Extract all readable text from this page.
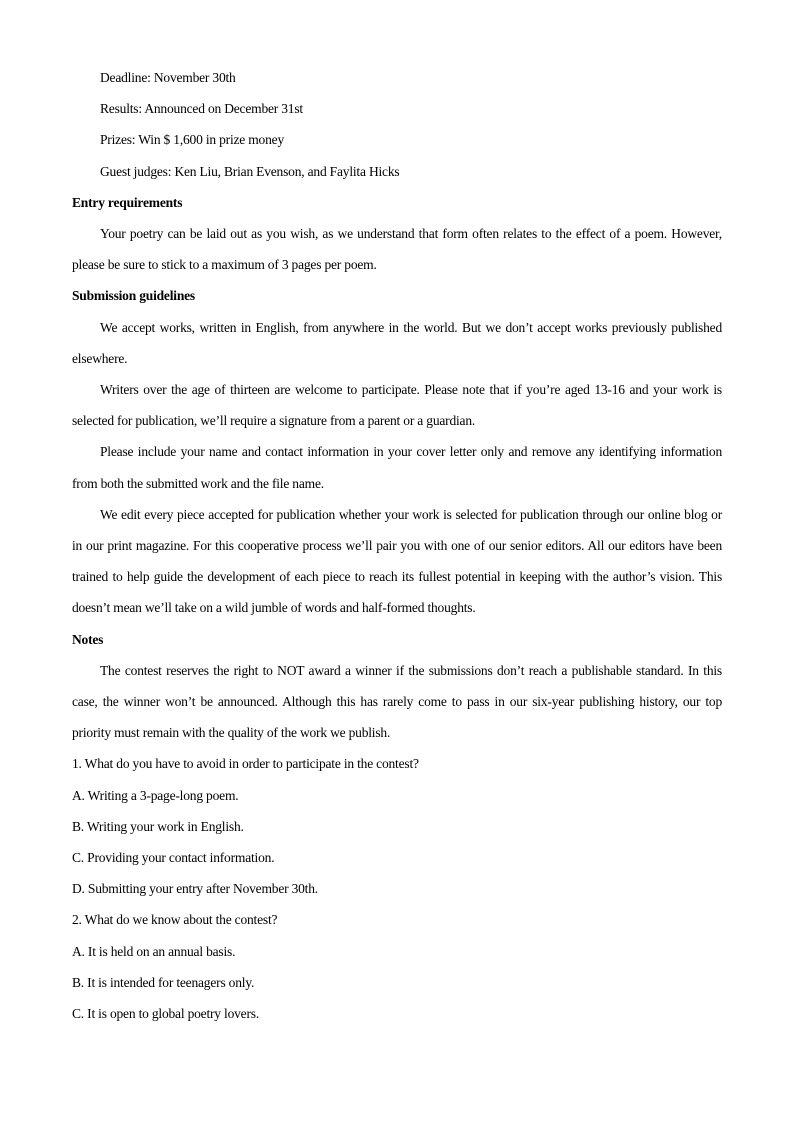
Deadline: November 30th

Results: Announced on December 31st

Prizes: Win $ 1,600 in prize money

Guest judges: Ken Liu, Brian Evenson, and Faylita Hicks

Entry requirements

Your poetry can be laid out as you wish, as we understand that form often relates to the effect of a poem. However, please be sure to stick to a maximum of 3 pages per poem.

Submission guidelines

We accept works, written in English, from anywhere in the world. But we don’t accept works previously published elsewhere.

Writers over the age of thirteen are welcome to participate. Please note that if you’re aged 13-16 and your work is selected for publication, we’ll require a signature from a parent or a guardian.

Please include your name and contact information in your cover letter only and remove any identifying information from both the submitted work and the file name.

We edit every piece accepted for publication whether your work is selected for publication through our online blog or in our print magazine. For this cooperative process we’ll pair you with one of our senior editors. All our editors have been trained to help guide the development of each piece to reach its fullest potential in keeping with the author’s vision. This doesn’t mean we’ll take on a wild jumble of words and half-formed thoughts.

Notes

The contest reserves the right to NOT award a winner if the submissions don’t reach a publishable standard. In this case, the winner won’t be announced. Although this has rarely come to pass in our six-year publishing history, our top priority must remain with the quality of the work we publish.

1. What do you have to avoid in order to participate in the contest?

A. Writing a 3-page-long poem.

B. Writing your work in English.

C. Providing your contact information.

D. Submitting your entry after November 30th.

2. What do we know about the contest?

A. It is held on an annual basis.

B. It is intended for teenagers only.

C. It is open to global poetry lovers.
